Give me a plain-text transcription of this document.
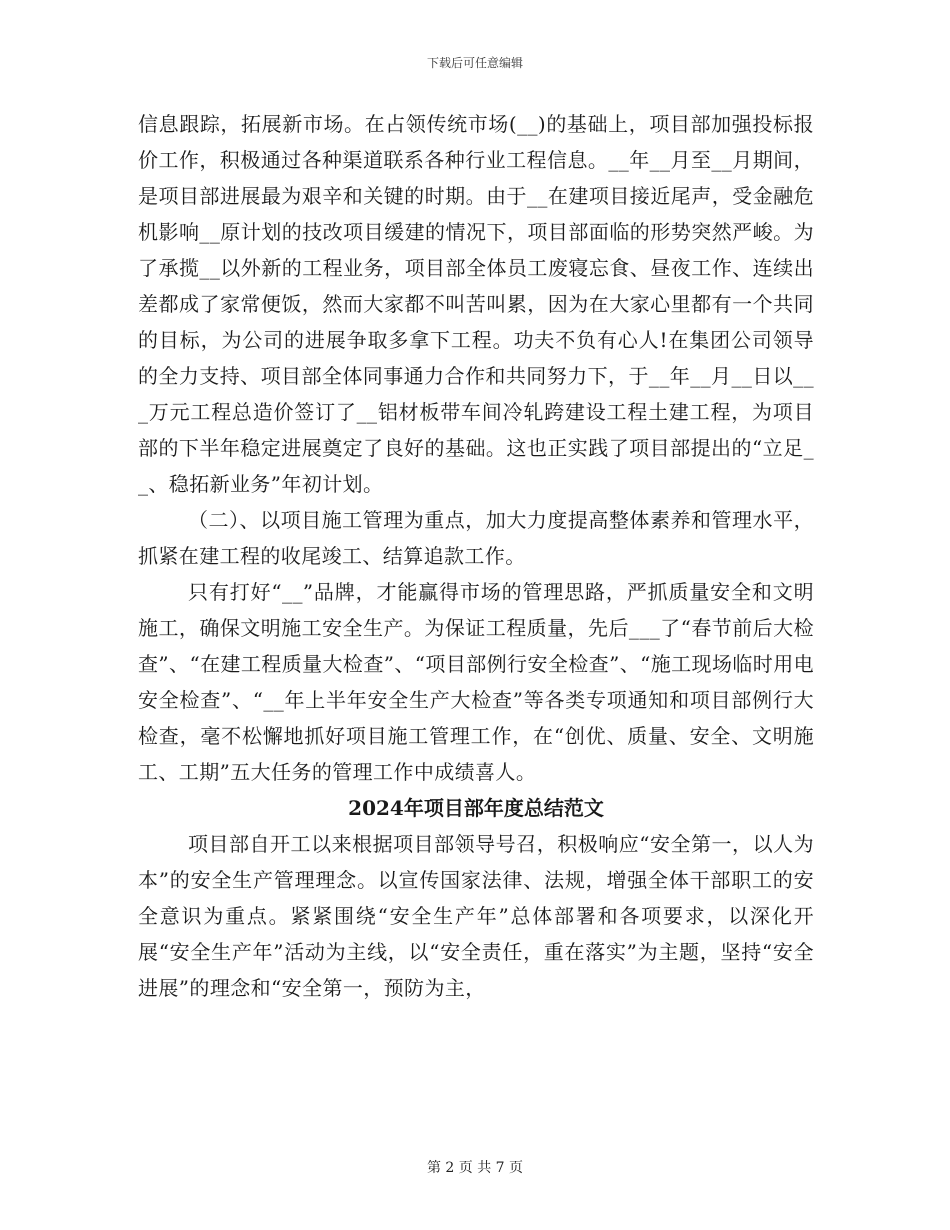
下载后可任意编辑

信息跟踪，拓展新市场。在占领传统市场(__)的基础上，项目部加强投标报价工作，积极通过各种渠道联系各种行业工程信息。__年__月至__月期间，是项目部进展最为艰辛和关键的时期。由于__在建项目接近尾声，受金融危机影响__原计划的技改项目缓建的情况下，项目部面临的形势突然严峻。为了承揽__以外新的工程业务，项目部全体员工废寝忘食、昼夜工作、连续出差都成了家常便饭，然而大家都不叫苦叫累，因为在大家心里都有一个共同的目标，为公司的进展争取多拿下工程。功夫不负有心人!在集团公司领导的全力支持、项目部全体同事通力合作和共同努力下，于__年__月__日以___万元工程总造价签订了__铝材板带车间冷轧跨建设工程土建工程，为项目部的下半年稳定进展奠定了良好的基础。这也正实践了项目部提出的“立足__、稳拓新业务”年初计划。

（二）、以项目施工管理为重点，加大力度提高整体素养和管理水平，抓紧在建工程的收尾竣工、结算追款工作。

只有打好“__”品牌，才能赢得市场的管理思路，严抓质量安全和文明施工，确保文明施工安全生产。为保证工程质量，先后___了“春节前后大检查”、“在建工程质量大检查”、“项目部例行安全检查”、“施工现场临时用电安全检查”、“__年上半年安全生产大检查”等各类专项通知和项目部例行大检查，毫不松懈地抓好项目施工管理工作，在“创优、质量、安全、文明施工、工期”五大任务的管理工作中成绩喜人。

2024年项目部年度总结范文

项目部自开工以来根据项目部领导号召，积极响应“安全第一，以人为本”的安全生产管理理念。以宣传国家法律、法规，增强全体干部职工的安全意识为重点。紧紧围绕“安全生产年”总体部署和各项要求，以深化开展“安全生产年”活动为主线，以“安全责任，重在落实”为主题，坚持“安全进展”的理念和“安全第一，预防为主，

第 2 页 共 7 页
